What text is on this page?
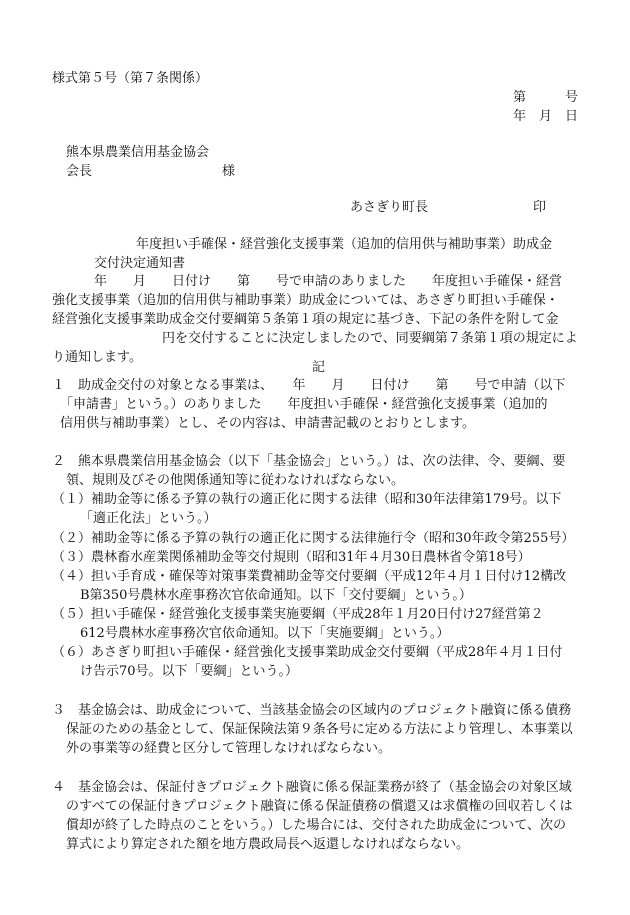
様式第５号（第７条関係）
第　　　号
年　月　日
熊本県農業信用基金協会
会長　　　　　　　　　　様
あさぎり町長	印
年度担い手確保・経営強化支援事業（追加的信用供与補助事業）助成金
交付決定通知書
年　　月　　日付け　　第　　号で申請のありました　　年度担い手確保・経営
強化支援事業（追加的信用供与補助事業）助成金については、あさぎり町担い手確保・
経営強化支援事業助成金交付要綱第５条第１項の規定に基づき、下記の条件を附して金
円を交付することに決定しましたので、同要綱第７条第１項の規定によ
り通知します。
記
１　助成金交付の対象となる事業は、　　年　　月　　日付け　　第　　号で申請（以下
「申請書」という。）のありました　　年度担い手確保・経営強化支援事業（追加的
信用供与補助事業）とし、その内容は、申請書記載のとおりとします。
２　熊本県農業信用基金協会（以下「基金協会」という。）は、次の法律、令、要綱、要
領、規則及びその他関係通知等に従わなければならない。
（１）補助金等に係る予算の執行の適正化に関する法律（昭和30年法律第179号。以下
「適正化法」という。）
（２）補助金等に係る予算の執行の適正化に関する法律施行令（昭和30年政令第255号）
（３）農林畜水産業関係補助金等交付規則（昭和31年４月30日農林省令第18号）
（４）担い手育成・確保等対策事業費補助金等交付要綱（平成12年４月１日付け12構改
B第350号農林水産事務次官依命通知。以下「交付要綱」という。）
（５）担い手確保・経営強化支援事業実施要綱（平成28年１月20日付け27経営第２
612号農林水産事務次官依命通知。以下「実施要綱」という。）
（６）あさぎり町担い手確保・経営強化支援事業助成金交付要綱（平成28年４月１日付
け告示70号。以下「要綱」という。）
３　基金協会は、助成金について、当該基金協会の区域内のプロジェクト融資に係る債務
保証のための基金として、保証保険法第９条各号に定める方法により管理し、本事業以
外の事業等の経費と区分して管理しなければならない。
４　基金協会は、保証付きプロジェクト融資に係る保証業務が終了（基金協会の対象区域
のすべての保証付きプロジェクト融資に係る保証債務の償還又は求償権の回収若しくは
償却が終了した時点のことをいう。）した場合には、交付された助成金について、次の
算式により算定された額を地方農政局長へ返還しなければならない。
